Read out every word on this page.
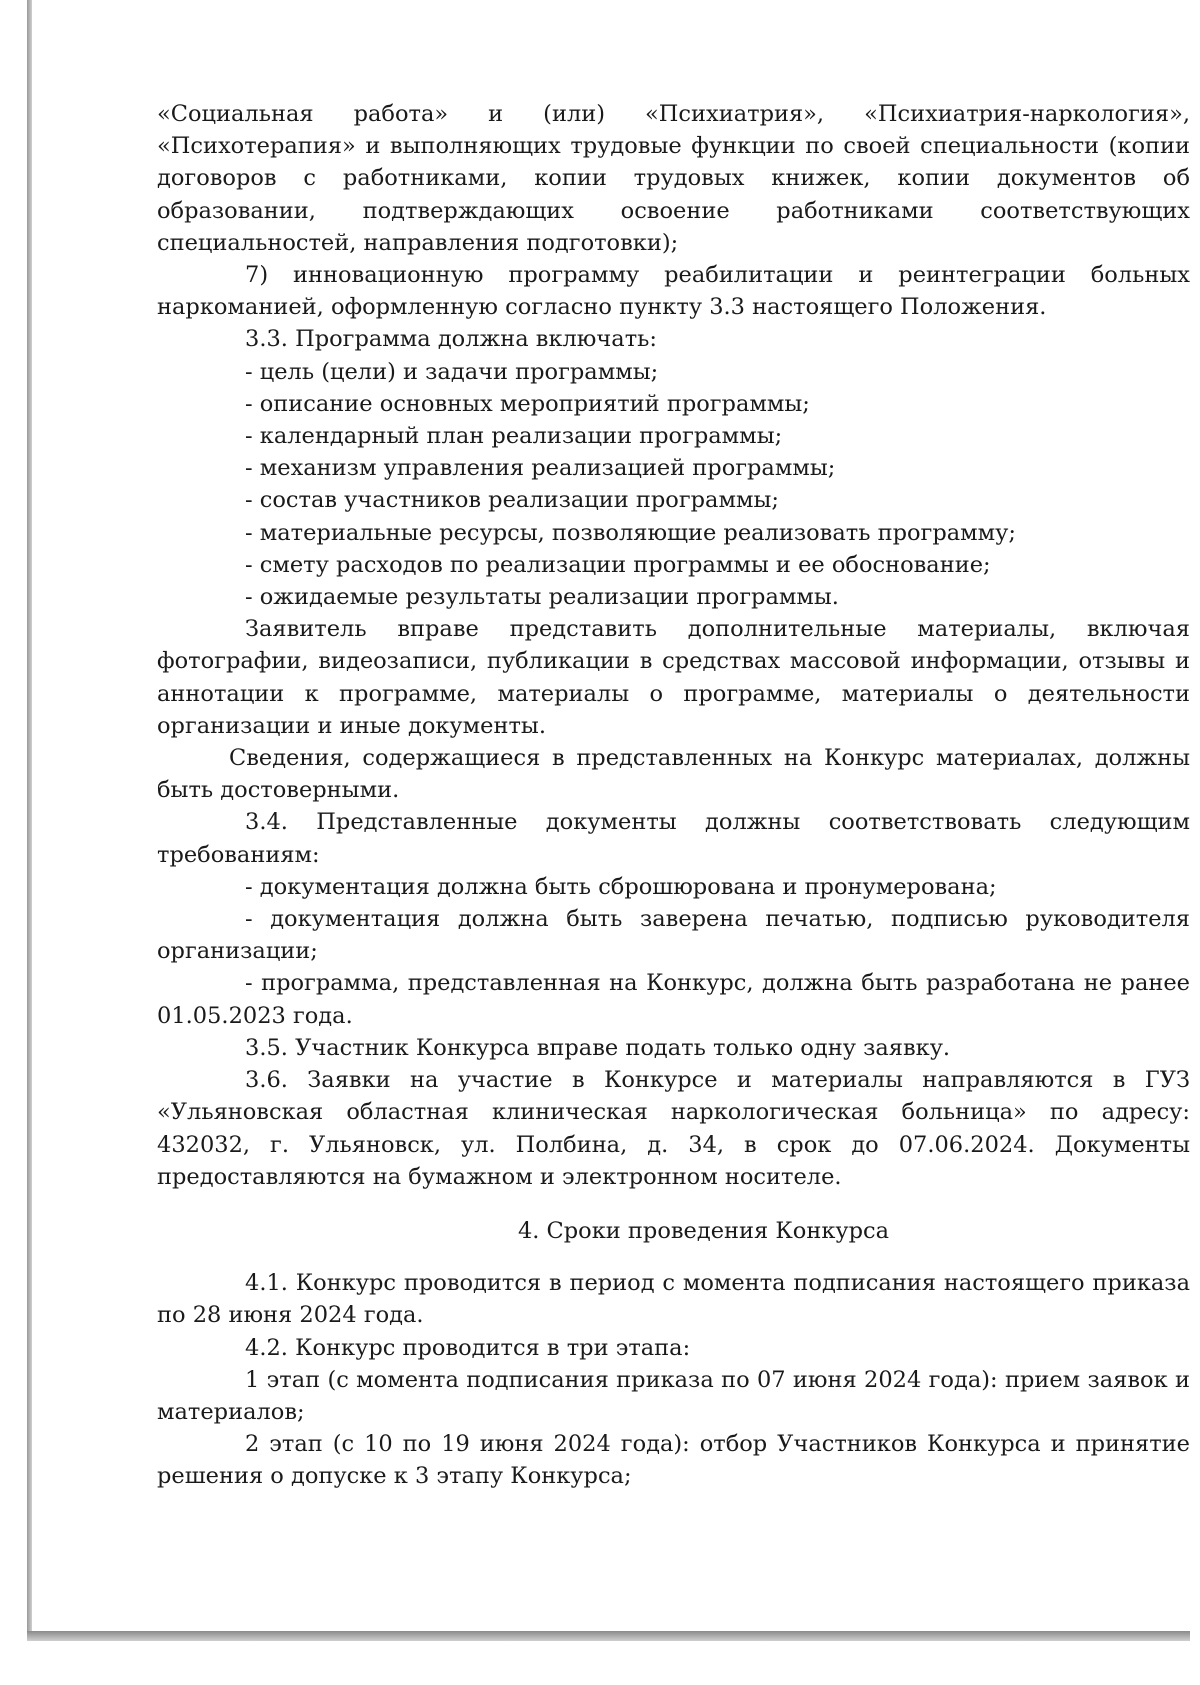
«Социальная работа» и (или) «Психиатрия», «Психиатрия-наркология», «Психотерапия» и выполняющих трудовые функции по своей специальности (копии договоров с работниками, копии трудовых книжек, копии документов об образовании, подтверждающих освоение работниками соответствующих специальностей, направления подготовки);

7) инновационную программу реабилитации и реинтеграции больных наркоманией, оформленную согласно пункту 3.3 настоящего Положения.

3.3. Программа должна включать:

- цель (цели) и задачи программы;

- описание основных мероприятий программы;

- календарный план реализации программы;

- механизм управления реализацией программы;

- состав участников реализации программы;

- материальные ресурсы, позволяющие реализовать программу;

- смету расходов по реализации программы и ее обоснование;

- ожидаемые результаты реализации программы.

Заявитель вправе представить дополнительные материалы, включая фотографии, видеозаписи, публикации в средствах массовой информации, отзывы и аннотации к программе, материалы о программе, материалы о деятельности организации и иные документы.

Сведения, содержащиеся в представленных на Конкурс материалах, должны быть достоверными.

3.4. Представленные документы должны соответствовать следующим требованиям:

- документация должна быть сброшюрована и пронумерована;

- документация должна быть заверена печатью, подписью руководителя организации;

- программа, представленная на Конкурс, должна быть разработана не ранее 01.05.2023 года.

3.5. Участник Конкурса вправе подать только одну заявку.

3.6. Заявки на участие в Конкурсе и материалы направляются в ГУЗ «Ульяновская областная клиническая наркологическая больница» по адресу: 432032, г. Ульяновск, ул. Полбина, д. 34, в срок до 07.06.2024. Документы предоставляются на бумажном и электронном носителе.

4. Сроки проведения Конкурса

4.1. Конкурс проводится в период с момента подписания настоящего приказа по 28 июня 2024 года.

4.2. Конкурс проводится в три этапа:

1 этап (с момента подписания приказа по 07 июня 2024 года): прием заявок и материалов;

2 этап (с 10 по 19 июня 2024 года): отбор Участников Конкурса и принятие решения о допуске к 3 этапу Конкурса;
